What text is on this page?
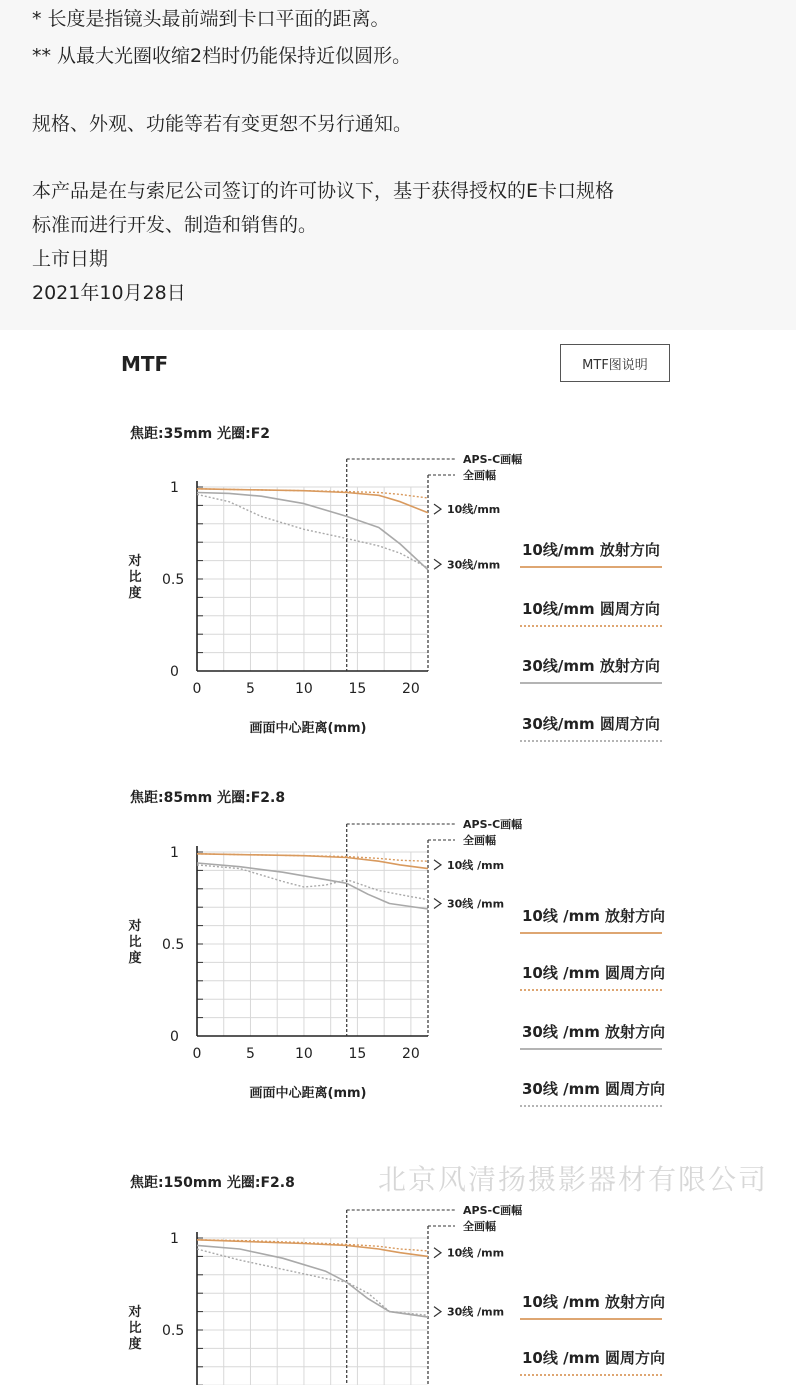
* 长度是指镜头最前端到卡口平面的距离。
** 从最大光圈收缩2档时仍能保持近似圆形。
规格、外观、功能等若有变更恕不另行通知。
本产品是在与索尼公司签订的许可协议下，基于获得授权的E卡口规格
标准而进行开发、制造和销售的。
上市日期
2021年10月28日
MTF	MTF图说明
焦距:35mm 光圈:F2
APS-C画幅
全画幅
0
0.5
1
0	5	10	15	20
对
比
度
画面中心距离(mm)
10线/mm
30线/mm
10线/mm 放射方向
10线/mm 圆周方向
30线/mm 放射方向
30线/mm 圆周方向
焦距:85mm 光圈:F2.8
APS-C画幅
全画幅
0
0.5
1
0	5	10	15	20
对
比
度
画面中心距离(mm)
10线 /mm
30线 /mm
10线 /mm 放射方向
10线 /mm 圆周方向
30线 /mm 放射方向
30线 /mm 圆周方向
焦距:150mm 光圈:F2.8
APS-C画幅
全画幅
0.5
1
对
比
度
10线 /mm
30线 /mm
10线 /mm 放射方向
10线 /mm 圆周方向
北京风清扬摄影器材有限公司
